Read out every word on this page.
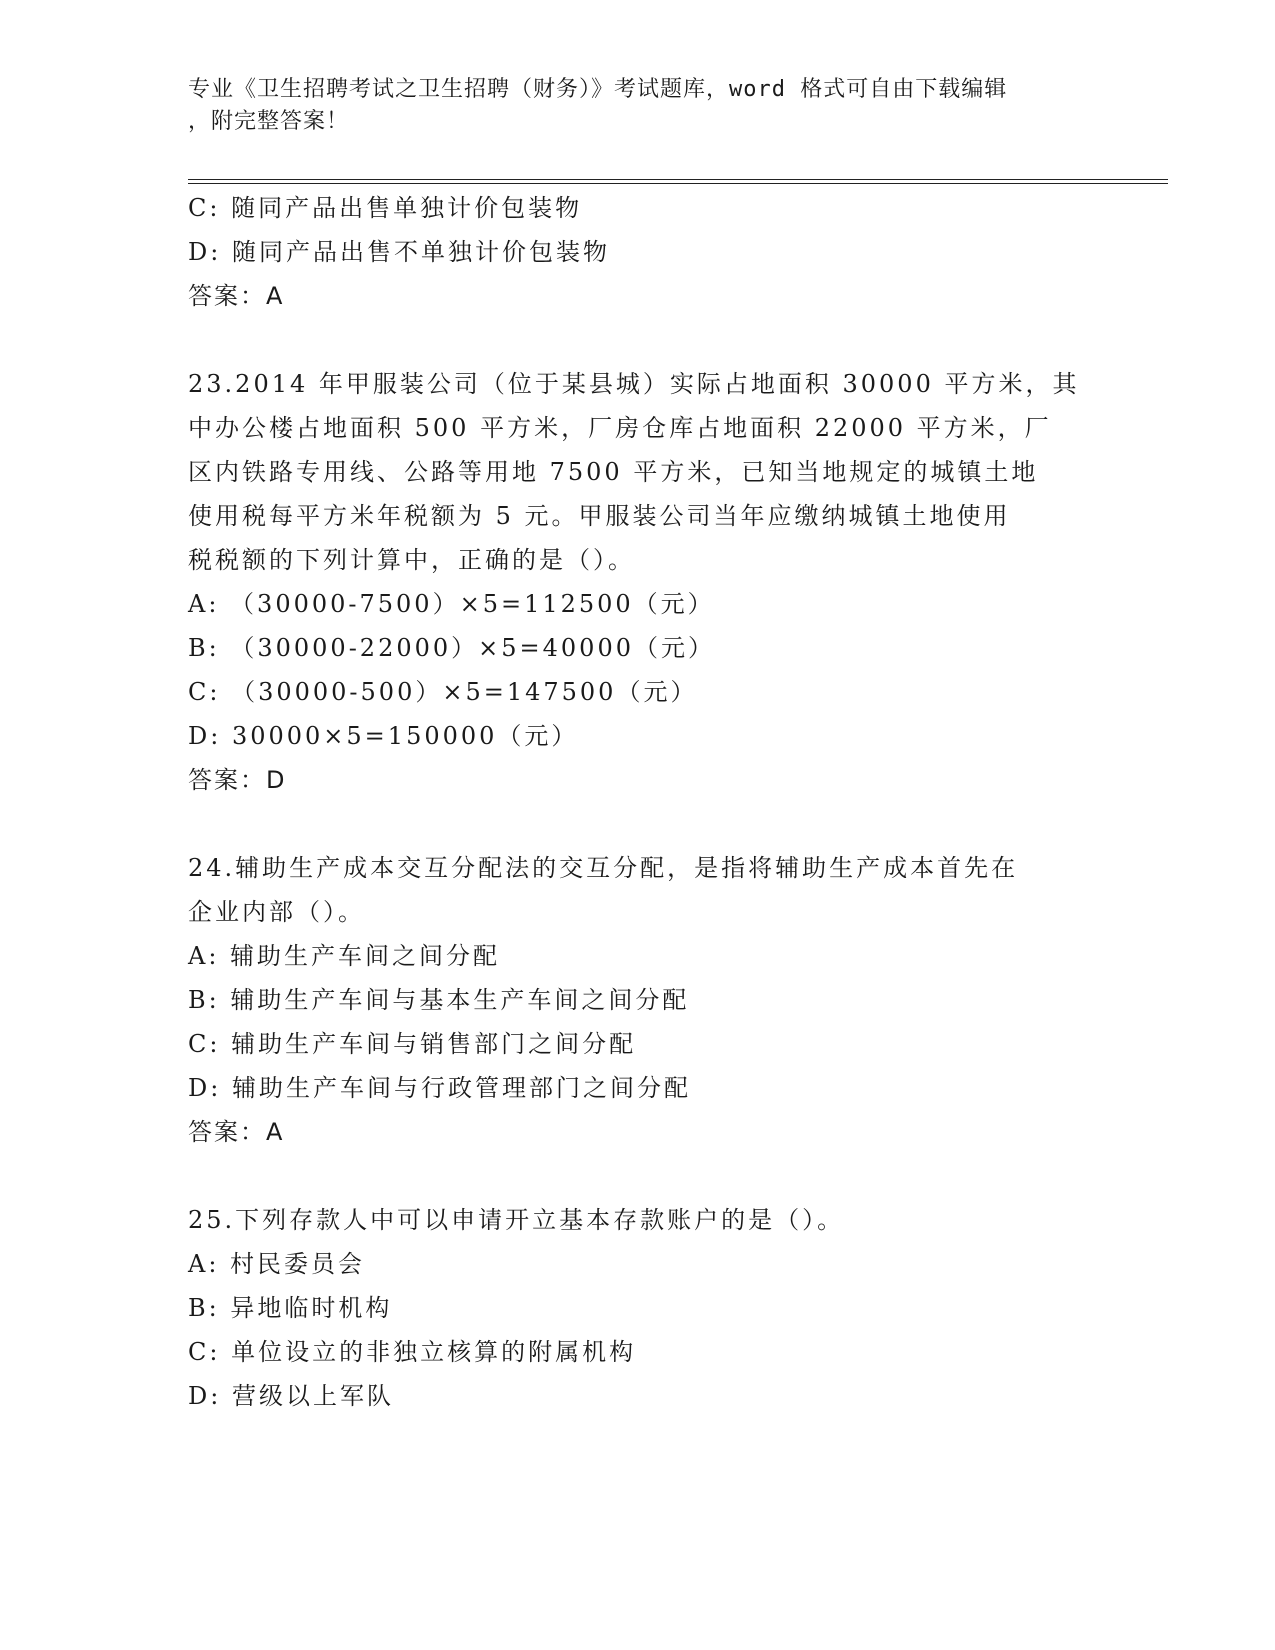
专业《卫生招聘考试之卫生招聘（财务）》考试题库，word 格式可自由下载编辑
，附完整答案！
C: 随同产品出售单独计价包装物
D: 随同产品出售不单独计价包装物
答案：A
23.2014 年甲服装公司（位于某县城）实际占地面积 30000 平方米，其
中办公楼占地面积 500 平方米，厂房仓库占地面积 22000 平方米，厂
区内铁路专用线、公路等用地 7500 平方米，已知当地规定的城镇土地
使用税每平方米年税额为 5 元。甲服装公司当年应缴纳城镇土地使用
税税额的下列计算中，正确的是（）。
A: （30000-7500）×5=112500（元）
B: （30000-22000）×5=40000（元）
C: （30000-500）×5=147500（元）
D: 30000×5=150000（元）
答案：D
24.辅助生产成本交互分配法的交互分配，是指将辅助生产成本首先在
企业内部（）。
A: 辅助生产车间之间分配
B: 辅助生产车间与基本生产车间之间分配
C: 辅助生产车间与销售部门之间分配
D: 辅助生产车间与行政管理部门之间分配
答案：A
25.下列存款人中可以申请开立基本存款账户的是（）。
A: 村民委员会
B: 异地临时机构
C: 单位设立的非独立核算的附属机构
D: 营级以上军队
